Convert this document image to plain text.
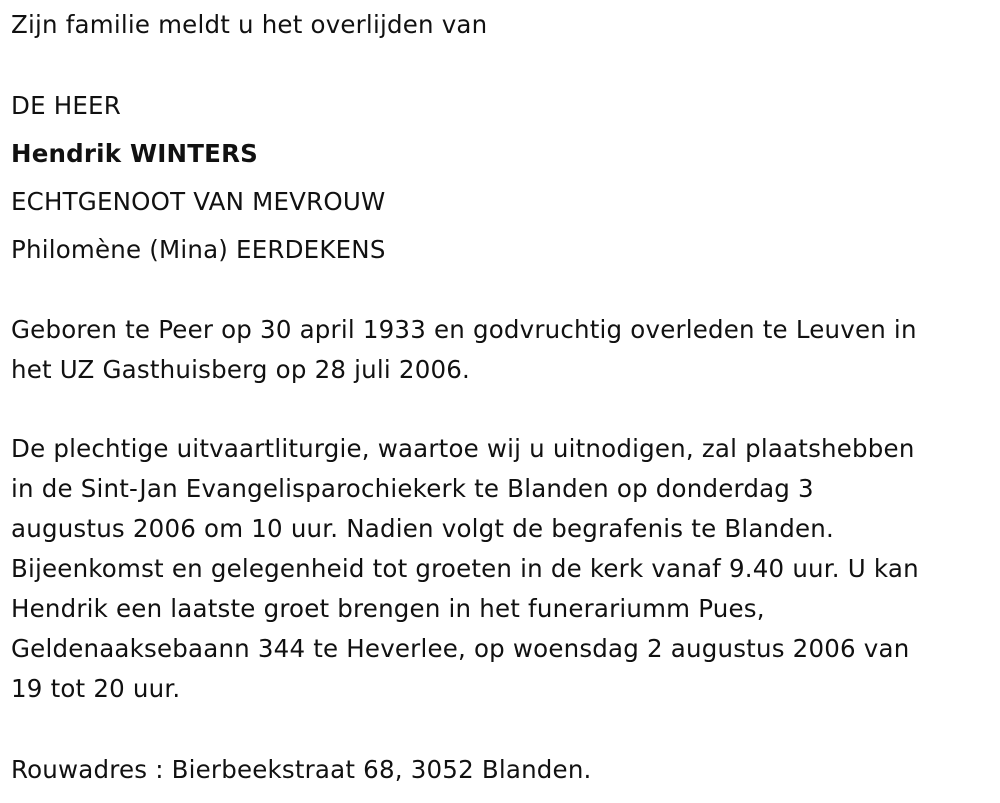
Zijn familie meldt u het overlijden van
DE HEER
Hendrik WINTERS
ECHTGENOOT VAN MEVROUW
Philomène (Mina) EERDEKENS
Geboren te Peer op 30 april 1933 en godvruchtig overleden te Leuven in
het UZ Gasthuisberg op 28 juli 2006.
De plechtige uitvaartliturgie, waartoe wij u uitnodigen, zal plaatshebben
in de Sint-Jan Evangelisparochiekerk te Blanden op donderdag 3
augustus 2006 om 10 uur. Nadien volgt de begrafenis te Blanden.
Bijeenkomst en gelegenheid tot groeten in de kerk vanaf 9.40 uur. U kan
Hendrik een laatste groet brengen in het funerariumm Pues,
Geldenaaksebaann 344 te Heverlee, op woensdag 2 augustus 2006 van
19 tot 20 uur.
Rouwadres : Bierbeekstraat 68, 3052 Blanden.
